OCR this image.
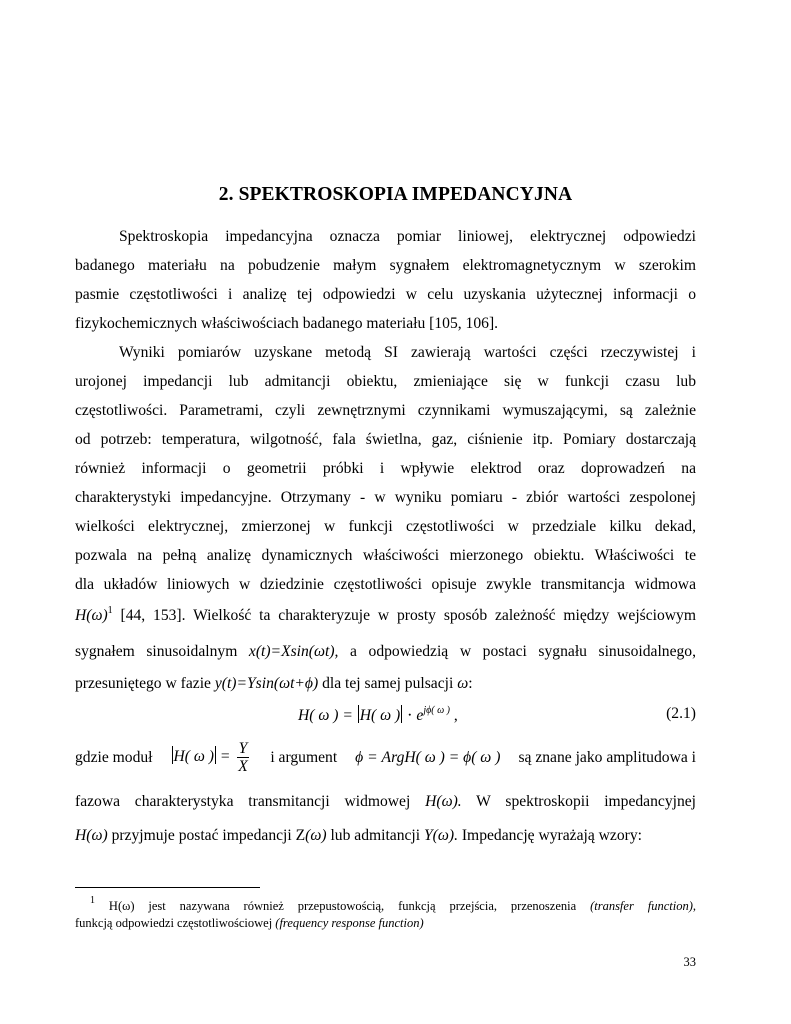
2. SPEKTROSKOPIA IMPEDANCYJNA
Spektroskopia impedancyjna oznacza pomiar liniowej, elektrycznej odpowiedzi
badanego materiału na pobudzenie małym sygnałem elektromagnetycznym w szerokim
pasmie częstotliwości i analizę tej odpowiedzi w celu uzyskania użytecznej informacji o
fizykochemicznych właściwościach badanego materiału [105, 106].
Wyniki pomiarów uzyskane metodą SI zawierają wartości części rzeczywistej i
urojonej impedancji lub admitancji obiektu, zmieniające się w funkcji czasu lub
częstotliwości. Parametrami, czyli zewnętrznymi czynnikami wymuszającymi, są zależnie
od potrzeb: temperatura, wilgotność, fala świetlna, gaz, ciśnienie itp. Pomiary dostarczają
również informacji o geometrii próbki i wpływie elektrod oraz doprowadzeń na
charakterystyki impedancyjne. Otrzymany - w wyniku pomiaru - zbiór wartości zespolonej
wielkości elektrycznej, zmierzonej w funkcji częstotliwości w przedziale kilku dekad,
pozwala na pełną analizę dynamicznych właściwości mierzonego obiektu. Właściwości te
dla układów liniowych w dziedzinie częstotliwości opisuje zwykle transmitancja widmowa
$H(\omega)^1$ [44, 153]. Wielkość ta charakteryzuje w prosty sposób zależność między wejściowym
sygnałem sinusoidalnym x(t)=Xsin(ωt), a odpowiedzią w postaci sygnału sinusoidalnego,
przesuniętego w fazie y(t)=Ysin(ωt+ϕ) dla tej samej pulsacji ω:
H( ω ) = H( ω ) ⋅ $e^{j\phi( \omega )}$ ,	(2.1)
gdzie moduł H( ω ) = $\frac{Y}{X}$ i argument ϕ = ArgH( ω ) = ϕ( ω ) są znane jako amplitudowa i
fazowa charakterystyka transmitancji widmowej H(ω). W spektroskopii impedancyjnej
H(ω) przyjmuje postać impedancji Z(ω) lub admitancji Y(ω). Impedancję wyrażają wzory:
$^1$ H(ω) jest nazywana również przepustowością, funkcją przejścia, przenoszenia (transfer function),
funkcją odpowiedzi częstotliwościowej (frequency response function)
33
